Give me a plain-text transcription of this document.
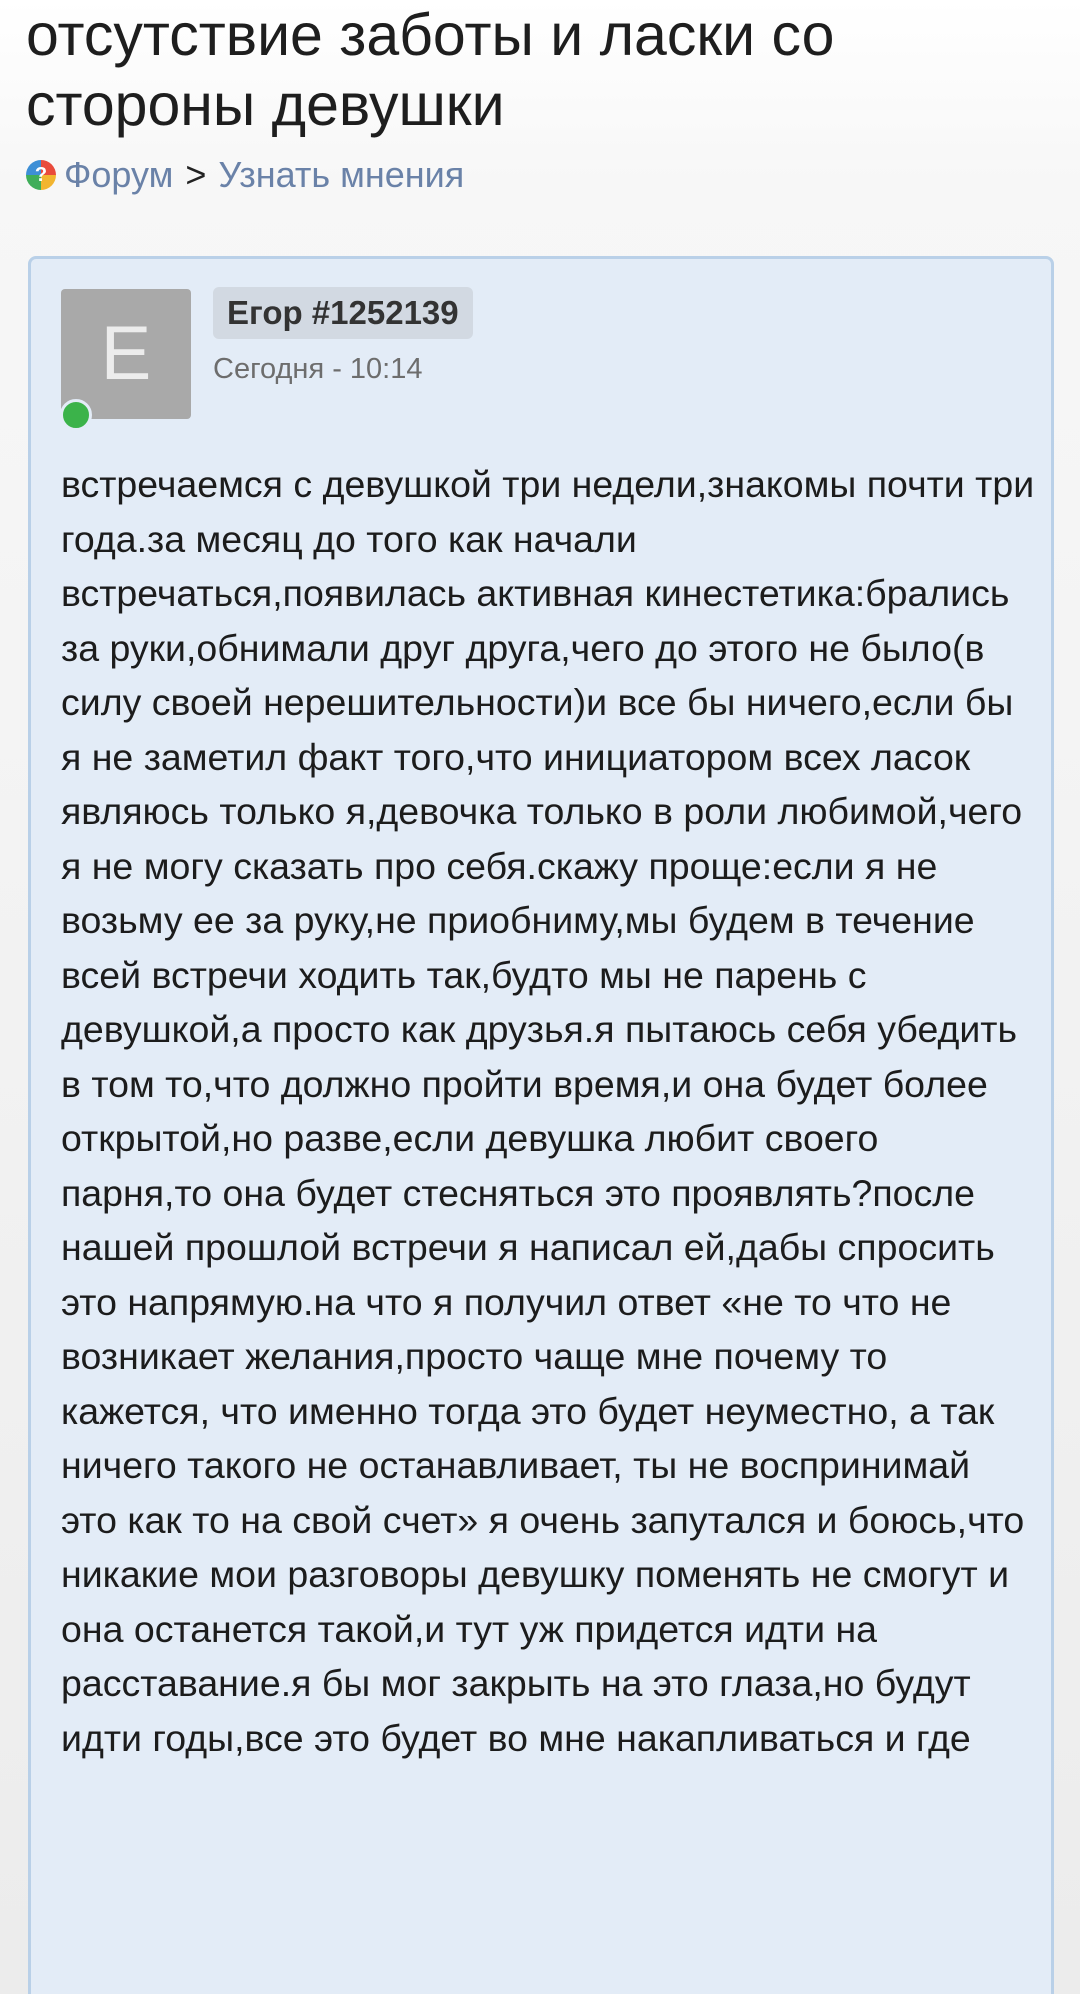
отсутствие заботы и ласки со стороны девушки
? Форум > Узнать мнения
E	Егор #1252139
Сегодня - 10:14
встречаемся с девушкой три недели,знакомы почти три года.за месяц до того как начали встречаться,появилась активная кинестетика:брались за руки,обнимали друг друга,чего до этого не было(в силу своей нерешительности)и все бы ничего,если бы я не заметил факт того,что инициатором всех ласок являюсь только я,девочка только в роли любимой,чего я не могу сказать про себя.скажу проще:если я не возьму ее за руку,не приобниму,мы будем в течение всей встречи ходить так,будто мы не парень с девушкой,а просто как друзья.я пытаюсь себя убедить в том то,что должно пройти время,и она будет более открытой,но разве,если девушка любит своего парня,то она будет стесняться это проявлять?после нашей прошлой встречи я написал ей,дабы спросить это напрямую.на что я получил ответ «не то что не возникает желания,просто чаще мне почему то кажется, что именно тогда это будет неуместно, а так ничего такого не останавливает, ты не воспринимай это как то на свой счет» я очень запутался и боюсь,что никакие мои разговоры девушку поменять не смогут и она останется такой,и тут уж придется идти на расставание.я бы мог закрыть на это глаза,но будут идти годы,все это будет во мне накапливаться и где
